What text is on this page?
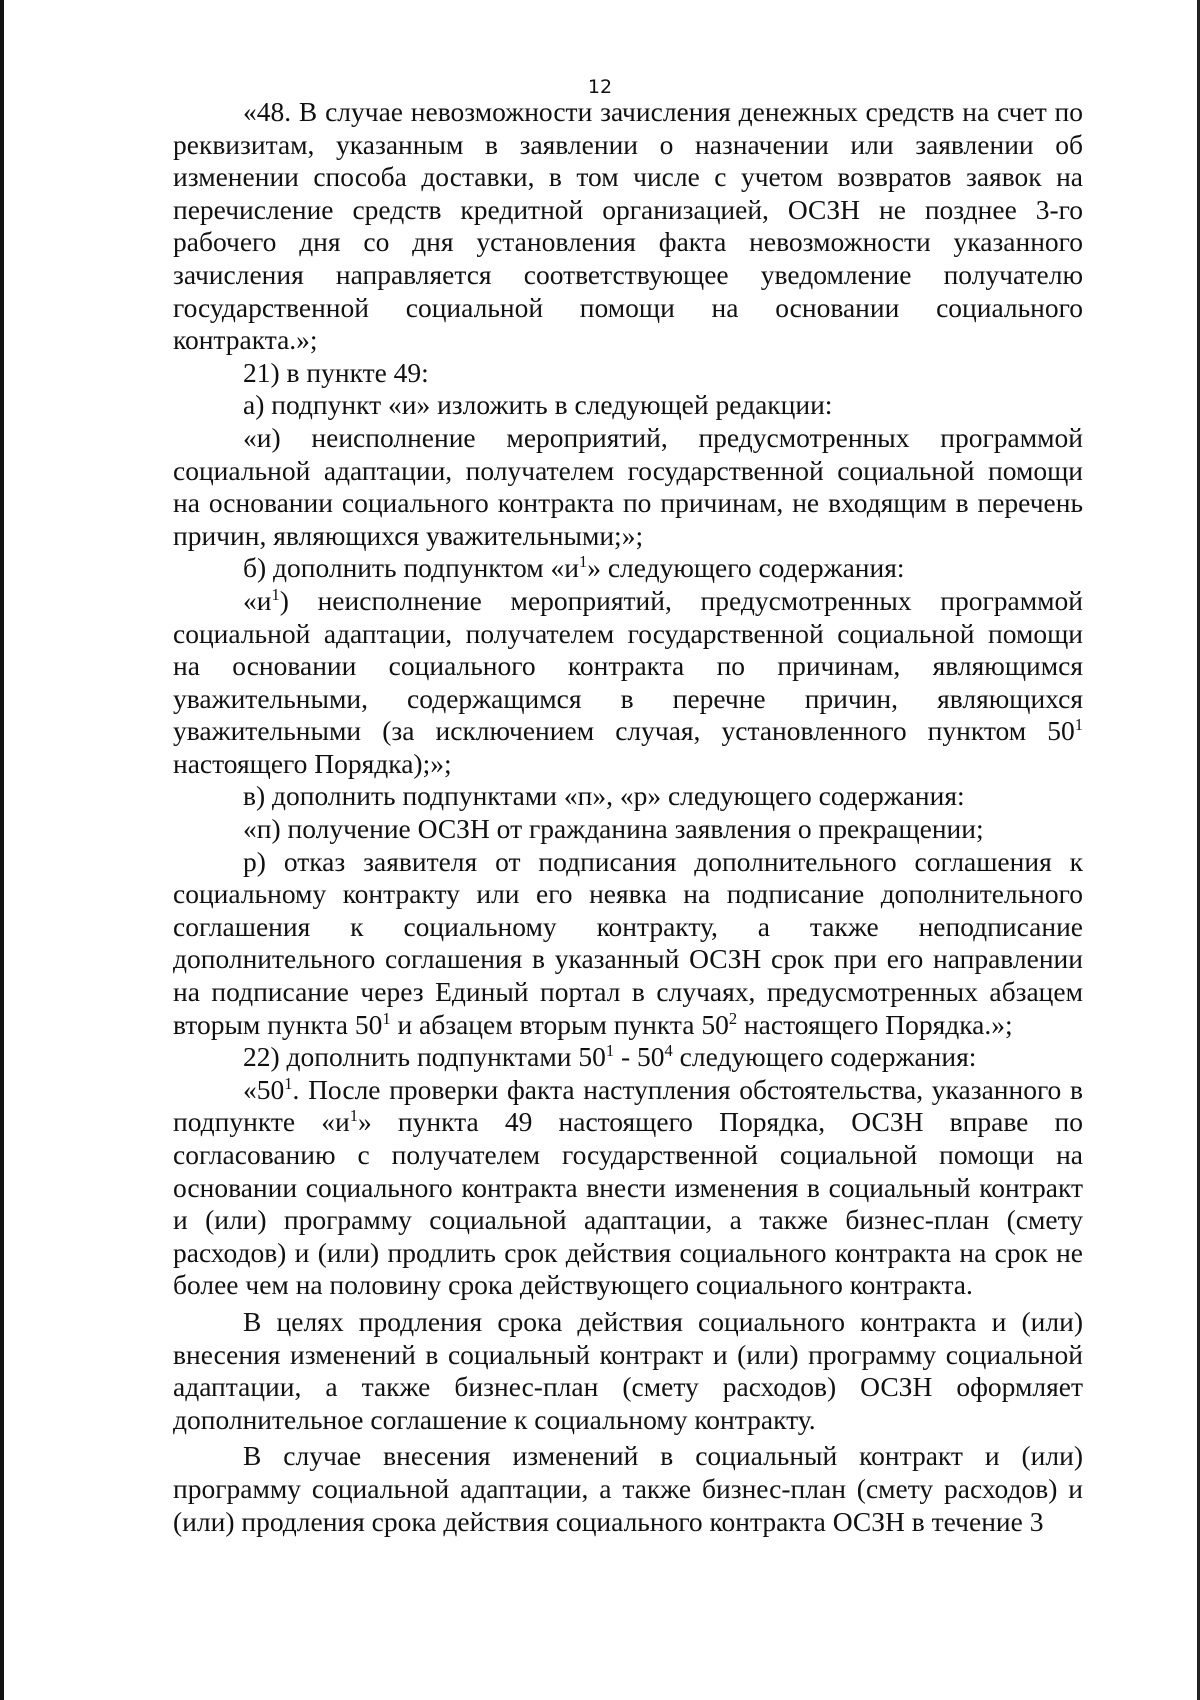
12

«48. В случае невозможности зачисления денежных средств на счет по реквизитам, указанным в заявлении о назначении или заявлении об изменении способа доставки, в том числе с учетом возвратов заявок на перечисление средств кредитной организацией, ОСЗН не позднее 3-го рабочего дня со дня установления факта невозможности указанного зачисления направляется соответствующее уведомление получателю государственной социальной помощи на основании социального контракта.»;

21) в пункте 49:

а) подпункт «и» изложить в следующей редакции:

«и) неисполнение мероприятий, предусмотренных программой социальной адаптации, получателем государственной социальной помощи на основании социального контракта по причинам, не входящим в перечень причин, являющихся уважительными;»;

б) дополнить подпунктом «$и^1$» следующего содержания:

«$и^1$) неисполнение мероприятий, предусмотренных программой социальной адаптации, получателем государственной социальной помощи на основании социального контракта по причинам, являющимся уважительными, содержащимся в перечне причин, являющихся уважительными (за исключением случая, установленного пунктом $50^1$ настоящего Порядка);»;

в) дополнить подпунктами «п», «р» следующего содержания:

«п) получение ОСЗН от гражданина заявления о прекращении;

р) отказ заявителя от подписания дополнительного соглашения к социальному контракту или его неявка на подписание дополнительного соглашения к социальному контракту, а также неподписание дополнительного соглашения в указанный ОСЗН срок при его направлении на подписание через Единый портал в случаях, предусмотренных абзацем вторым пункта $50^1$ и абзацем вторым пункта $50^2$ настоящего Порядка.»;

22) дополнить подпунктами $50^1 - 50^4$ следующего содержания:

«$50^1$. После проверки факта наступления обстоятельства, указанного в подпункте «$и^1$» пункта 49 настоящего Порядка, ОСЗН вправе по согласованию с получателем государственной социальной помощи на основании социального контракта внести изменения в социальный контракт и (или) программу социальной адаптации, а также бизнес-план (смету расходов) и (или) продлить срок действия социального контракта на срок не более чем на половину срока действующего социального контракта.

В целях продления срока действия социального контракта и (или) внесения изменений в социальный контракт и (или) программу социальной адаптации, а также бизнес-план (смету расходов) ОСЗН оформляет дополнительное соглашение к социальному контракту.

В случае внесения изменений в социальный контракт и (или) программу социальной адаптации, а также бизнес-план (смету расходов) и (или) продления срока действия социального контракта ОСЗН в течение 3
